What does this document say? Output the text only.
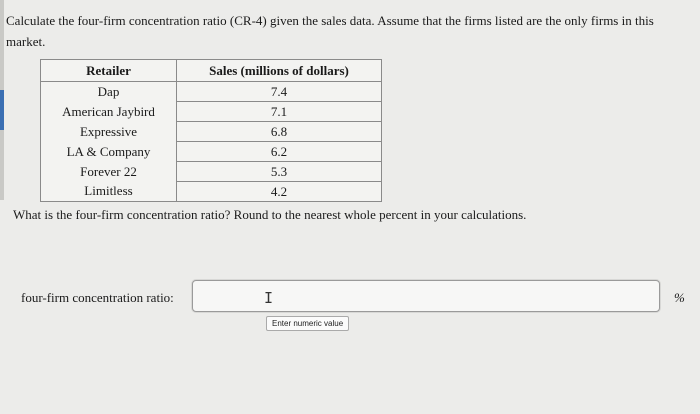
Calculate the four-firm concentration ratio (CR-4) given the sales data. Assume that the firms listed are the only firms in this market.
Retailer	Sales (millions of dollars)
Dap	7.4
American Jaybird	7.1
Expressive	6.8
LA & Company	6.2
Forever 22	5.3
Limitless	4.2
What is the four-firm concentration ratio? Round to the nearest whole percent in your calculations.
four-firm concentration ratio:	I
Enter numeric value
%
